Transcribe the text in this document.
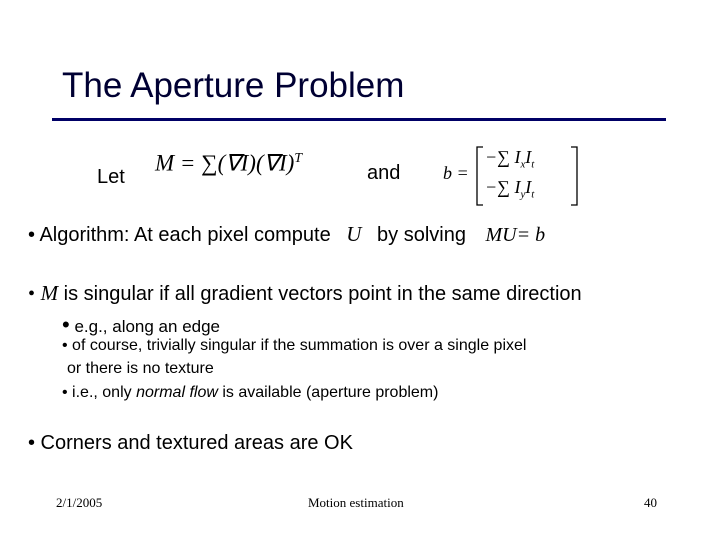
The Aperture Problem
Let
$M = \sum(\nabla I)(\nabla I)^T$
and b =
−∑ $I_xI_t$
−∑ $I_yI_t$
• Algorithm: At each pixel compute U by solving MU= b
• M is singular if all gradient vectors point in the same direction
• e.g., along an edge
• of course, trivially singular if the summation is over a single pixel
or there is no texture
• i.e., only normal flow is available (aperture problem)
• Corners and textured areas are OK
2/1/2005	Motion estimation	40
